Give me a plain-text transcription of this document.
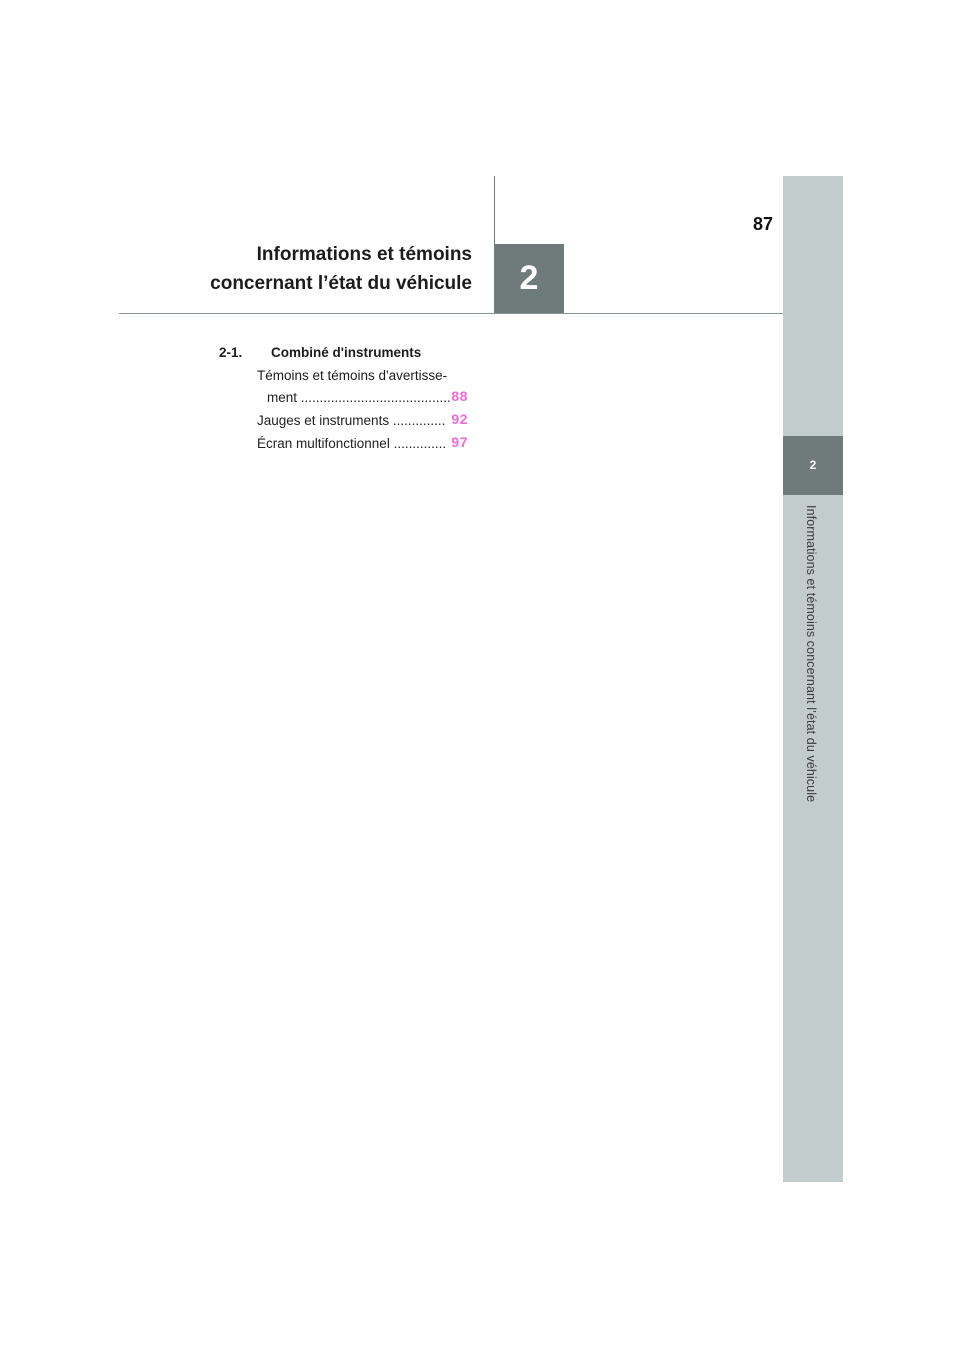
2
Informations et témoins concernant l’état du véhicule
2
87
Informations et témoins
concernant l’état du véhicule
2-1. Combiné d'instruments
Témoins et témoins d'avertisse-
ment ........................................ 88
Jauges et instruments .............. 92
Écran multifonctionnel .............. 97
